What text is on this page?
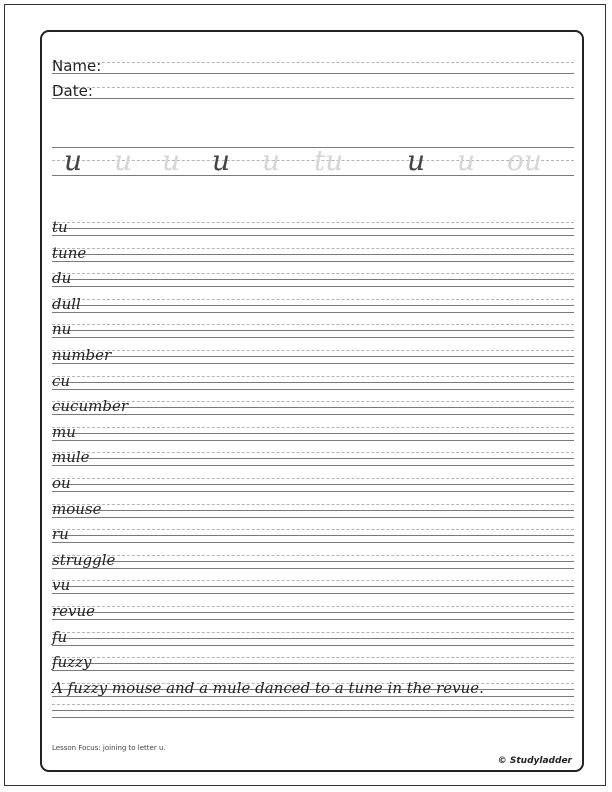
Name:
Date:
u u u u u tu u u ou
tu
tune
du
dull
nu
number
cu
cucumber
mu
mule
ou
mouse
ru
struggle
vu
revue
fu
fuzzy
A fuzzy mouse and a mule danced to a tune in the revue.
Lesson Focus: joining to letter u.
© Studyladder
